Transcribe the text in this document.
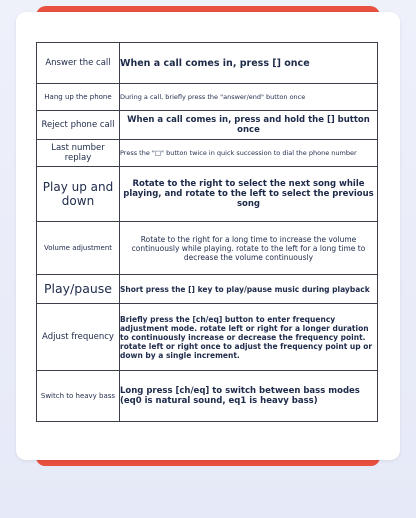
Answer the call	When a call comes in, press [] once
Hang up the phone	During a call, briefly press the "answer/end" button once
Reject phone call	When a call comes in, press and hold the [] button once
Last number replay	Press the "□" button twice in quick succession to dial the phone number
Play up and down	Rotate to the right to select the next song while playing, and rotate to the left to select the previous song
Volume adjustment	Rotate to the right for a long time to increase the volume continuously while playing. rotate to the left for a long time to decrease the volume continuously
Play/pause	Short press the [] key to play/pause music during playback
Adjust frequency	Briefly press the [ch/eq] button to enter frequency adjustment mode. rotate left or right for a longer duration to continuously increase or decrease the frequency point. rotate left or right once to adjust the frequency point up or down by a single increment.
Switch to heavy bass	Long press [ch/eq] to switch between bass modes (eq0 is natural sound, eq1 is heavy bass)
